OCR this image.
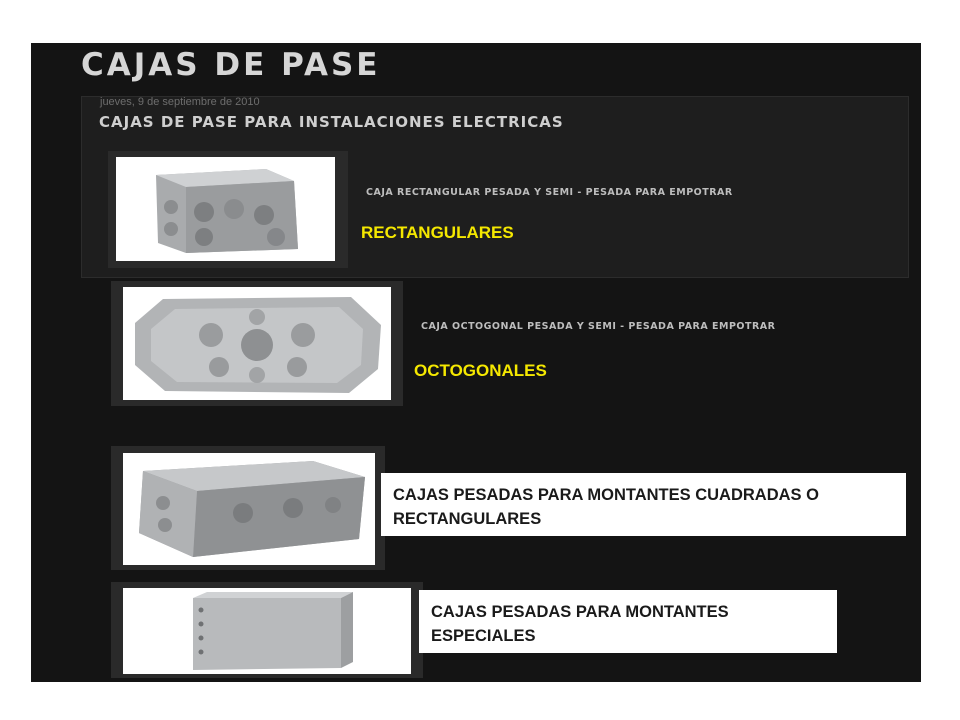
CAJAS DE PASE
jueves, 9 de septiembre de 2010
CAJAS DE PASE PARA INSTALACIONES ELECTRICAS
CAJA RECTANGULAR PESADA Y SEMI - PESADA PARA EMPOTRAR
RECTANGULARES
CAJA OCTOGONAL PESADA Y SEMI - PESADA PARA EMPOTRAR
OCTOGONALES
CAJAS PESADAS PARA MONTANTES CUADRADAS O RECTANGULARES
CAJAS PESADAS PARA MONTANTES ESPECIALES
